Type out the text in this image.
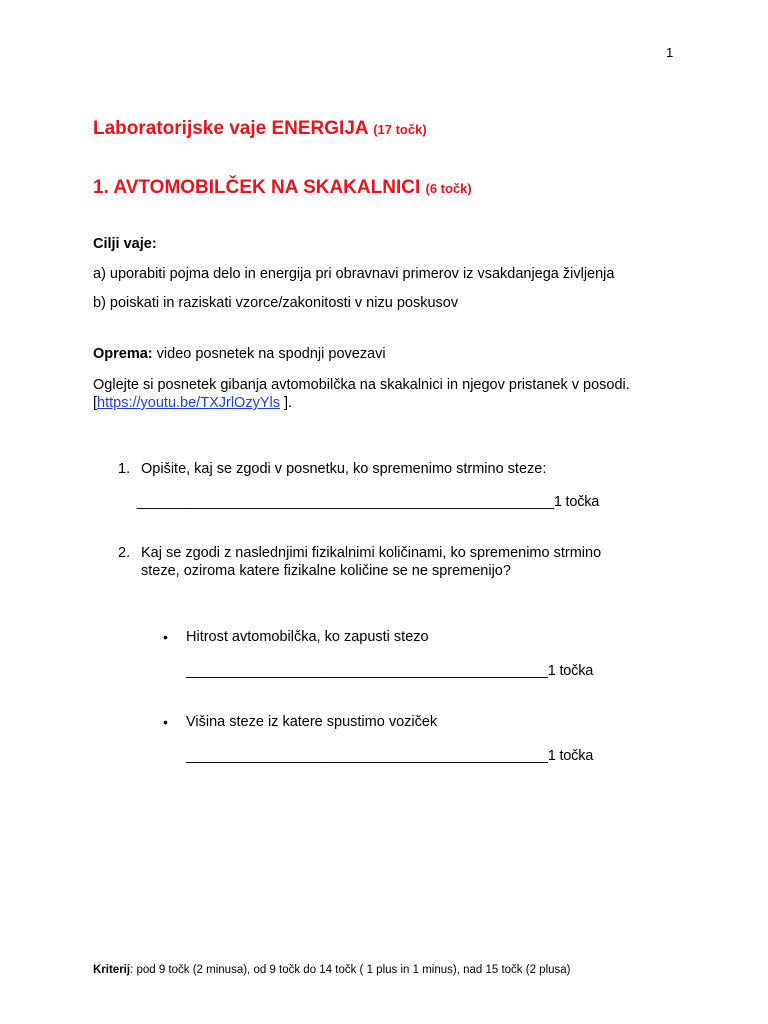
1
Laboratorijske vaje ENERGIJA (17 točk)
1. AVTOMOBILČEK NA SKAKALNICI (6 točk)
Cilji vaje:
a) uporabiti pojma delo in energija pri obravnavi primerov iz vsakdanjega življenja
b) poiskati in raziskati vzorce/zakonitosti v nizu poskusov
Oprema: video posnetek na spodnji povezavi
Oglejte si posnetek gibanja avtomobilčka na skakalnici in njegov pristanek v posodi.
[https://youtu.be/TXJrlOzyYls ].
1. Opišite, kaj se zgodi v posnetku, ko spremenimo strmino steze:
_____________________________________________________1 točka
2. Kaj se zgodi z naslednjimi fizikalnimi količinami, ko spremenimo strmino
steze, oziroma katere fizikalne količine se ne spremenijo?
• Hitrost avtomobilčka, ko zapusti stezo
______________________________________________1 točka
• Višina steze iz katere spustimo voziček
______________________________________________1 točka
Kriterij: pod 9 točk (2 minusa), od 9 točk do 14 točk ( 1 plus in 1 minus), nad 15 točk (2 plusa)
